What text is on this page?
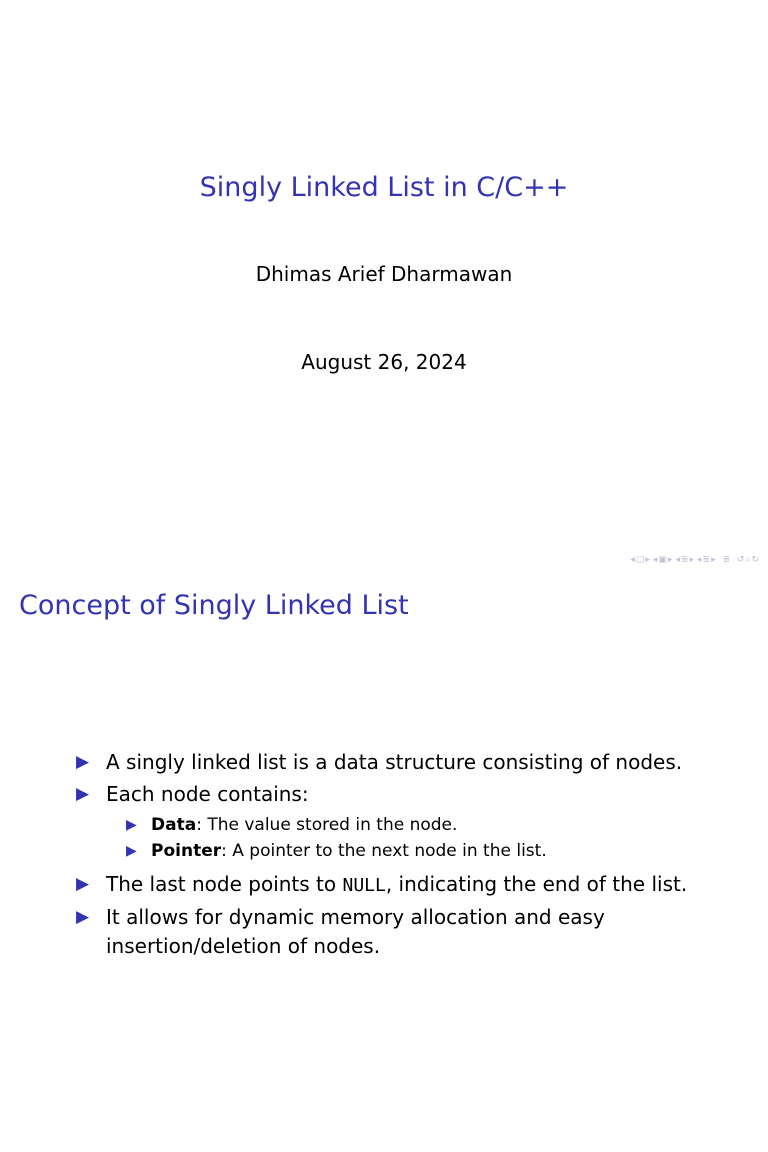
Singly Linked List in C/C++
Dhimas Arief Dharmawan
August 26, 2024
◂□▸ ◂▣▸ ◂≣▸ ◂≣▸ ≣ ↺⌕↻
Concept of Singly Linked List
▶ A singly linked list is a data structure consisting of nodes.
▶ Each node contains:
▶ Data: The value stored in the node.
▶ Pointer: A pointer to the next node in the list.
▶ The last node points to NULL, indicating the end of the list.
▶ It allows for dynamic memory allocation and easy insertion/deletion of nodes.
